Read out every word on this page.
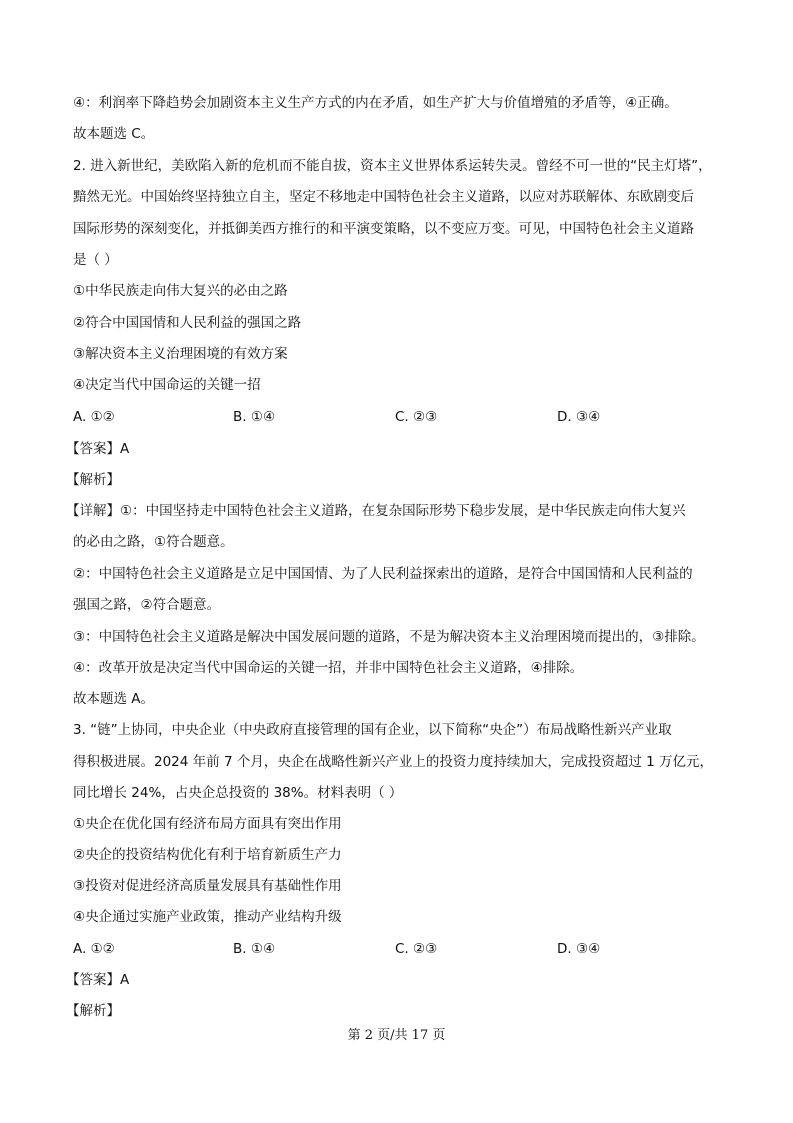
④：利润率下降趋势会加剧资本主义生产方式的内在矛盾，如生产扩大与价值增殖的矛盾等，④正确。
故本题选 C。
2. 进入新世纪，美欧陷入新的危机而不能自拔，资本主义世界体系运转失灵。曾经不可一世的“民主灯塔”，
黯然无光。中国始终坚持独立自主，坚定不移地走中国特色社会主义道路，以应对苏联解体、东欧剧变后
国际形势的深刻变化，并抵御美西方推行的和平演变策略，以不变应万变。可见，中国特色社会主义道路
是（ ）
①中华民族走向伟大复兴的必由之路
②符合中国国情和人民利益的强国之路
③解决资本主义治理困境的有效方案
④决定当代中国命运的关键一招
A. ①②	B. ①④	C. ②③	D. ③④
【答案】A
【解析】
【详解】①：中国坚持走中国特色社会主义道路，在复杂国际形势下稳步发展，是中华民族走向伟大复兴
的必由之路，①符合题意。
②：中国特色社会主义道路是立足中国国情、为了人民利益探索出的道路，是符合中国国情和人民利益的
强国之路，②符合题意。
③：中国特色社会主义道路是解决中国发展问题的道路，不是为解决资本主义治理困境而提出的，③排除。
④：改革开放是决定当代中国命运的关键一招，并非中国特色社会主义道路，④排除。
故本题选 A。
3. “链”上协同，中央企业（中央政府直接管理的国有企业，以下简称“央企”）布局战略性新兴产业取
得积极进展。2024 年前 7 个月，央企在战略性新兴产业上的投资力度持续加大，完成投资超过 1 万亿元，
同比增长 24%，占央企总投资的 38%。材料表明（ ）
①央企在优化国有经济布局方面具有突出作用
②央企的投资结构优化有利于培育新质生产力
③投资对促进经济高质量发展具有基础性作用
④央企通过实施产业政策，推动产业结构升级
A. ①②	B. ①④	C. ②③	D. ③④
【答案】A
【解析】
第 2 页/共 17 页
